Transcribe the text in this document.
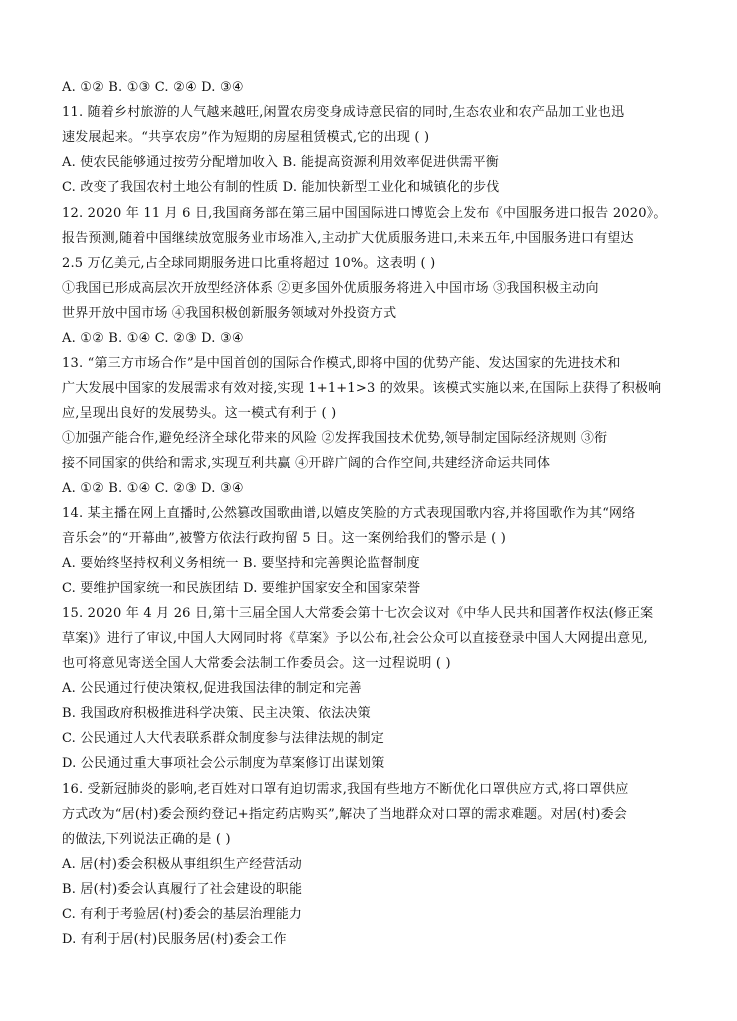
A. ①② B. ①③ C. ②④ D. ③④
11. 随着乡村旅游的人气越来越旺,闲置农房变身成诗意民宿的同时,生态农业和农产品加工业也迅
速发展起来。“共享农房”作为短期的房屋租赁模式,它的出现 ( )
A. 使农民能够通过按劳分配增加收入 B. 能提高资源利用效率促进供需平衡
C. 改变了我国农村土地公有制的性质 D. 能加快新型工业化和城镇化的步伐
12. 2020 年 11 月 6 日,我国商务部在第三届中国国际进口博览会上发布《中国服务进口报告 2020》。
报告预测,随着中国继续放宽服务业市场准入,主动扩大优质服务进口,未来五年,中国服务进口有望达
2.5 万亿美元,占全球同期服务进口比重将超过 10%。这表明 ( )
①我国已形成高层次开放型经济体系 ②更多国外优质服务将进入中国市场 ③我国积极主动向
世界开放中国市场 ④我国积极创新服务领域对外投资方式
A. ①② B. ①④ C. ②③ D. ③④
13. “第三方市场合作”是中国首创的国际合作模式,即将中国的优势产能、发达国家的先进技术和
广大发展中国家的发展需求有效对接,实现 1+1+1>3 的效果。该模式实施以来,在国际上获得了积极响
应,呈现出良好的发展势头。这一模式有利于 ( )
①加强产能合作,避免经济全球化带来的风险 ②发挥我国技术优势,领导制定国际经济规则 ③衔
接不同国家的供给和需求,实现互利共赢 ④开辟广阔的合作空间,共建经济命运共同体
A. ①② B. ①④ C. ②③ D. ③④
14. 某主播在网上直播时,公然篡改国歌曲谱,以嬉皮笑脸的方式表现国歌内容,并将国歌作为其“网络
音乐会”的“开幕曲”,被警方依法行政拘留 5 日。这一案例给我们的警示是 ( )
A. 要始终坚持权利义务相统一 B. 要坚持和完善舆论监督制度
C. 要维护国家统一和民族团结 D. 要维护国家安全和国家荣誉
15. 2020 年 4 月 26 日,第十三届全国人大常委会第十七次会议对《中华人民共和国著作权法(修正案
草案)》进行了审议,中国人大网同时将《草案》予以公布,社会公众可以直接登录中国人大网提出意见,
也可将意见寄送全国人大常委会法制工作委员会。这一过程说明 ( )
A. 公民通过行使决策权,促进我国法律的制定和完善
B. 我国政府积极推进科学决策、民主决策、依法决策
C. 公民通过人大代表联系群众制度参与法律法规的制定
D. 公民通过重大事项社会公示制度为草案修订出谋划策
16. 受新冠肺炎的影响,老百姓对口罩有迫切需求,我国有些地方不断优化口罩供应方式,将口罩供应
方式改为“居(村)委会预约登记+指定药店购买”,解决了当地群众对口罩的需求难题。对居(村)委会
的做法,下列说法正确的是 ( )
A. 居(村)委会积极从事组织生产经营活动
B. 居(村)委会认真履行了社会建设的职能
C. 有利于考验居(村)委会的基层治理能力
D. 有利于居(村)民服务居(村)委会工作
